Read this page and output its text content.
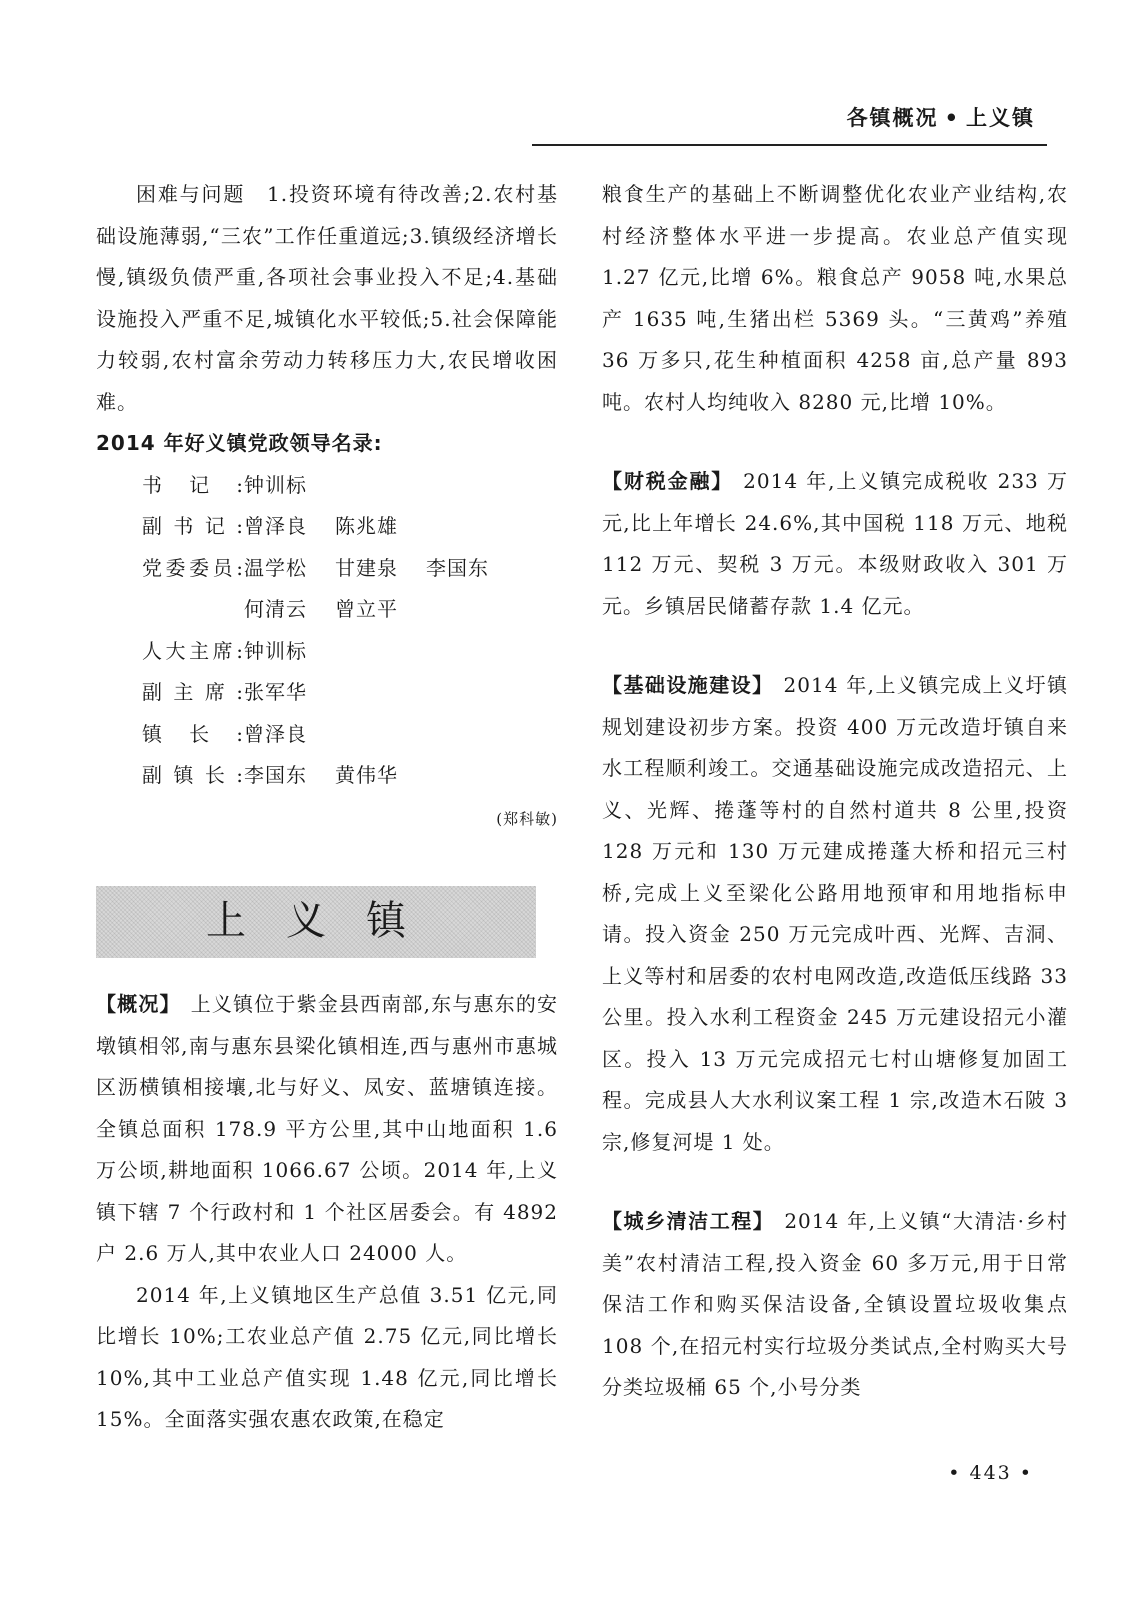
各镇概况 • 上义镇

困难与问题　 1.投资环境有待改善;2.农村基础设施薄弱,“三农”工作任重道远;3.镇级经济增长慢,镇级负债严重,各项社会事业投入不足;4.基础设施投入严重不足,城镇化水平较低;5.社会保障能力较弱,农村富余劳动力转移压力大,农民增收困难。

2014 年好义镇党政领导名录:

书记: 钟训标
副书记: 曾泽良 陈兆雄
党委委员: 温学松 甘建泉 李国东
何清云 曾立平
人大主席: 钟训标
副主席: 张军华
镇长: 曾泽良
副镇长: 李国东 黄伟华

(郑科敏)

上义镇

【概况】 上义镇位于紫金县西南部,东与惠东的安墩镇相邻,南与惠东县梁化镇相连,西与惠州市惠城区沥横镇相接壤,北与好义、凤安、蓝塘镇连接。全镇总面积 178.9 平方公里,其中山地面积 1.6 万公顷,耕地面积 1066.67 公顷。2014 年,上义镇下辖 7 个行政村和 1 个社区居委会。有 4892 户 2.6 万人,其中农业人口 24000 人。

2014 年,上义镇地区生产总值 3.51 亿元,同比增长 10%;工农业总产值 2.75 亿元,同比增长 10%,其中工业总产值实现 1.48 亿元,同比增长 15%。全面落实强农惠农政策,在稳定

粮食生产的基础上不断调整优化农业产业结构,农村经济整体水平进一步提高。农业总产值实现 1.27 亿元,比增 6%。粮食总产 9058 吨,水果总产 1635 吨,生猪出栏 5369 头。“三黄鸡”养殖 36 万多只,花生种植面积 4258 亩,总产量 893 吨。农村人均纯收入 8280 元,比增 10%。

【财税金融】 2014 年,上义镇完成税收 233 万元,比上年增长 24.6%,其中国税 118 万元、地税 112 万元、契税 3 万元。本级财政收入 301 万元。乡镇居民储蓄存款 1.4 亿元。

【基础设施建设】 2014 年,上义镇完成上义圩镇规划建设初步方案。投资 400 万元改造圩镇自来水工程顺利竣工。交通基础设施完成改造招元、上义、光辉、捲蓬等村的自然村道共 8 公里,投资 128 万元和 130 万元建成捲蓬大桥和招元三村桥,完成上义至梁化公路用地预审和用地指标申请。投入资金 250 万元完成叶西、光辉、吉洞、上义等村和居委的农村电网改造,改造低压线路 33 公里。投入水利工程资金 245 万元建设招元小灌区。投入 13 万元完成招元七村山塘修复加固工程。完成县人大水利议案工程 1 宗,改造木石陂 3 宗,修复河堤 1 处。

【城乡清洁工程】 2014 年,上义镇“大清洁·乡村美”农村清洁工程,投入资金 60 多万元,用于日常保洁工作和购买保洁设备,全镇设置垃圾收集点 108 个,在招元村实行垃圾分类试点,全村购买大号分类垃圾桶 65 个,小号分类

• 443 •
